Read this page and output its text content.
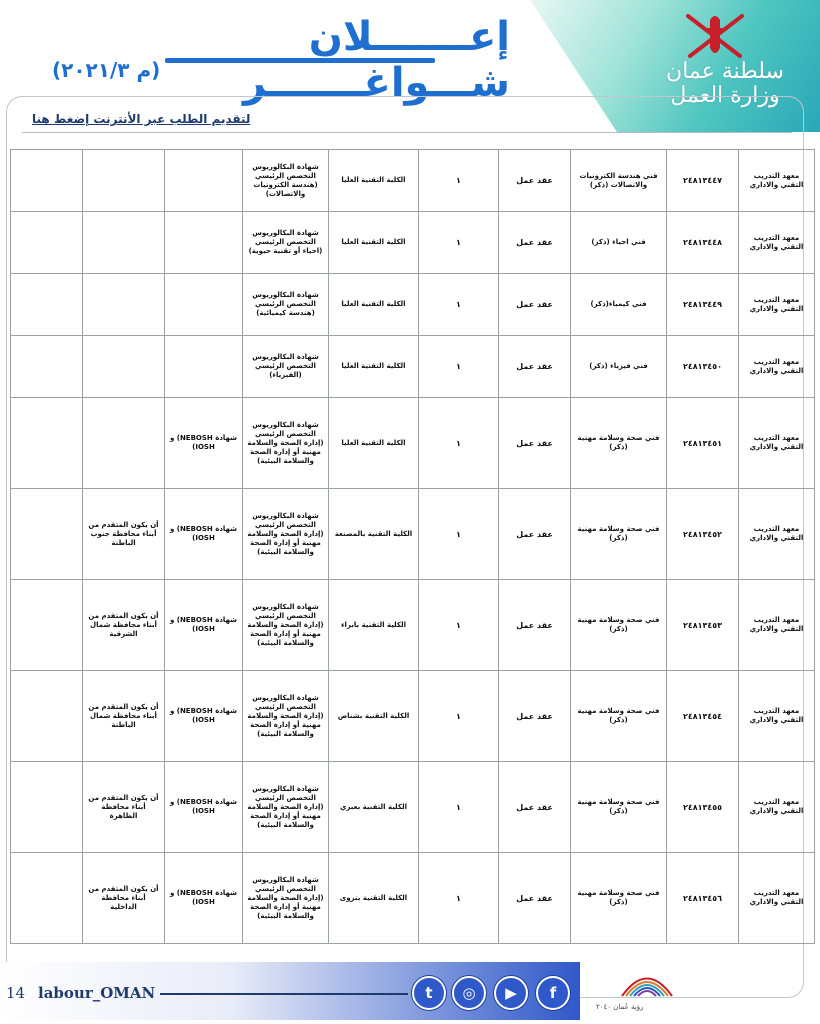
سلطنة عمان
وزارة العمل
إعـــــــلان شـــواغـــــــر
(م ٢٠٢١/٣)
لتقديم الطلب عبر الأنترنت إضغط هنا
معهد التدريب التقني والاداري	٢٤٨١٣٤٤٧	فني هندسة الكترونيات والاتصالات (ذكر)	عقد عمل	١	الكلية التقنية العليا	شهادة البكالوريوس التخصص الرئيسي (هندسة الكترونيات والاتصالات)			
معهد التدريب التقني والاداري	٢٤٨١٣٤٤٨	فني احياء (ذكر)	عقد عمل	١	الكلية التقنية العليا	شهادة البكالوريوس التخصص الرئيسي (احياء أو تقنية حيوية)			
معهد التدريب التقني والاداري	٢٤٨١٣٤٤٩	فني كيمياء(ذكر)	عقد عمل	١	الكلية التقنية العليا	شهادة البكالوريوس التخصص الرئيسي (هندسة كيميائية)			
معهد التدريب التقني والاداري	٢٤٨١٣٤٥٠	فني فيزياء (ذكر)	عقد عمل	١	الكلية التقنية العليا	شهادة البكالوريوس التخصص الرئيسي (الفيزياء)			
معهد التدريب التقني والاداري	٢٤٨١٣٤٥١	فني صحة وسلامة مهنية (ذكر)	عقد عمل	١	الكلية التقنية العليا	شهادة البكالوريوس التخصص الرئيسي (إدارة الصحة والسلامة مهنية أو إدارة الصحة والسلامة البيئية)	شهادة NEBOSH) و IOSH)		
معهد التدريب التقني والاداري	٢٤٨١٣٤٥٢	فني صحة وسلامة مهنية (ذكر)	عقد عمل	١	الكلية التقنية بالمصنعة	شهادة البكالوريوس التخصص الرئيسي (إدارة الصحة والسلامة مهنية أو إدارة الصحة والسلامة البيئية)	شهادة NEBOSH) و IOSH)	أن يكون المتقدم من أبناء محافظة جنوب الباطنة	
معهد التدريب التقني والاداري	٢٤٨١٣٤٥٣	فني صحة وسلامة مهنية (ذكر)	عقد عمل	١	الكلية التقنية بابراء	شهادة البكالوريوس التخصص الرئيسي (إدارة الصحة والسلامة مهنية أو إدارة الصحة والسلامة البيئية)	شهادة NEBOSH) و IOSH)	أن يكون المتقدم من أبناء محافظة شمال الشرقية	
معهد التدريب التقني والاداري	٢٤٨١٣٤٥٤	فني صحة وسلامة مهنية (ذكر)	عقد عمل	١	الكلية التقنية بشناص	شهادة البكالوريوس التخصص الرئيسي (إدارة الصحة والسلامة مهنية أو إدارة الصحة والسلامة البيئية)	شهادة NEBOSH) و IOSH)	أن يكون المتقدم من أبناء محافظة شمال الباطنة	
معهد التدريب التقني والاداري	٢٤٨١٣٤٥٥	فني صحة وسلامة مهنية (ذكر)	عقد عمل	١	الكلية التقنية بعبري	شهادة البكالوريوس التخصص الرئيسي (إدارة الصحة والسلامة مهنية أو إدارة الصحة والسلامة البيئية)	شهادة NEBOSH) و IOSH)	أن يكون المتقدم من أبناء محافظة الظاهرة	
معهد التدريب التقني والاداري	٢٤٨١٣٤٥٦	فني صحة وسلامة مهنية (ذكر)	عقد عمل	١	الكلية التقنية بنزوى	شهادة البكالوريوس التخصص الرئيسي (إدارة الصحة والسلامة مهنية أو إدارة الصحة والسلامة البيئية)	شهادة NEBOSH) و IOSH)	أن يكون المتقدم من أبناء محافظة الداخلية	
14 labour_OMAN	t	◎	▶	f
رؤية عُمان ٢٠٤٠
